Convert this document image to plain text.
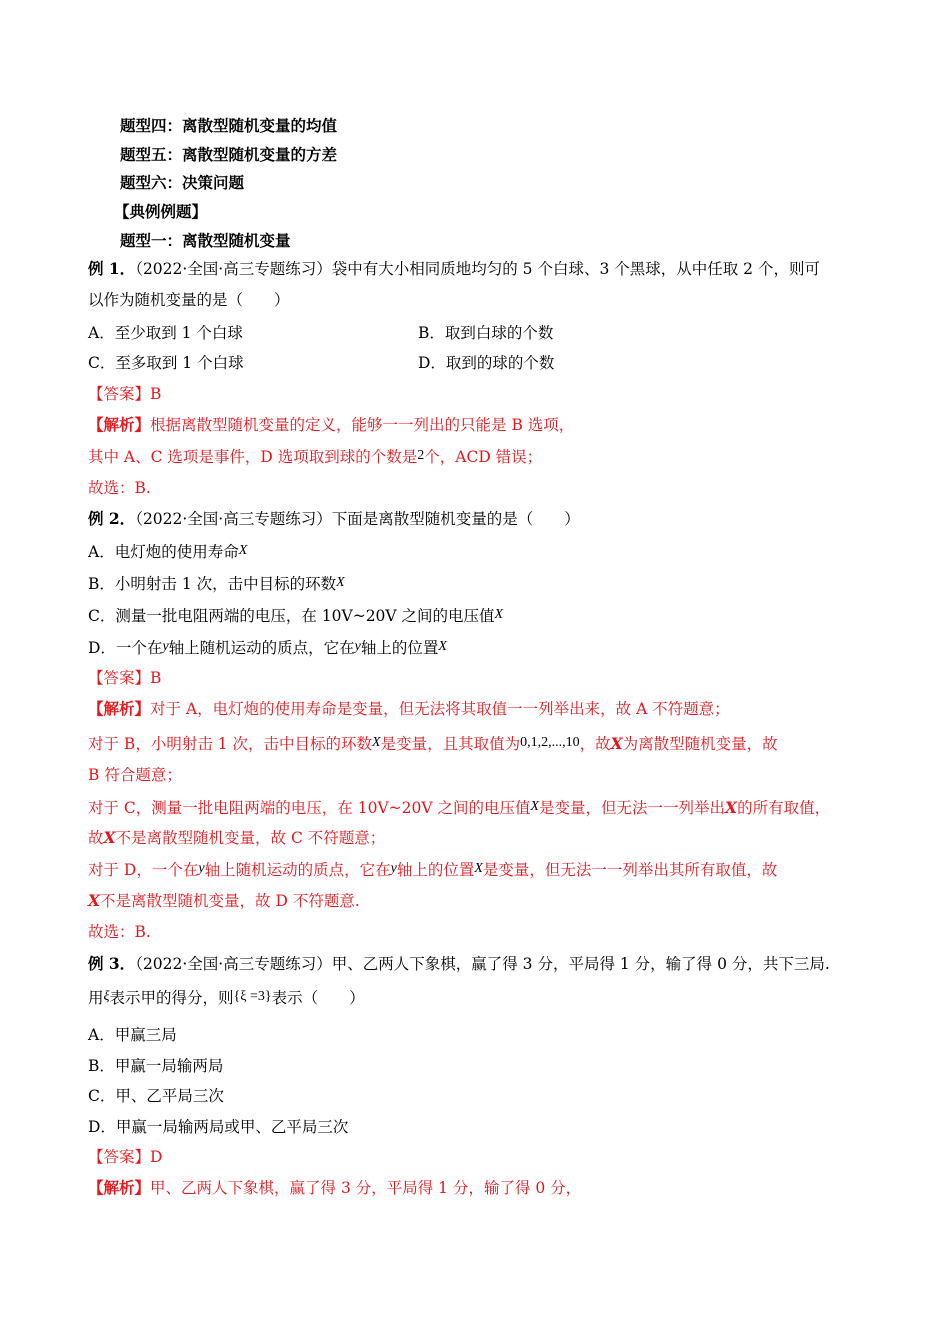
题型四：离散型随机变量的均值
题型五：离散型随机变量的方差
题型六：决策问题
【典例例题】
题型一：离散型随机变量
例 1．（2022·全国·高三专题练习）袋中有大小相同质地均匀的 5 个白球、3 个黑球，从中任取 2 个，则可
以作为随机变量的是（　　）
A．至少取到 1 个白球	B．取到白球的个数
C．至多取到 1 个白球	D．取到的球的个数
【答案】B
【解析】根据离散型随机变量的定义，能够一一列出的只能是 B 选项，
其中 A、C 选项是事件，D 选项取到球的个数是2个，ACD 错误；
故选：B.
例 2．（2022·全国·高三专题练习）下面是离散型随机变量的是（　　）
A．电灯炮的使用寿命X
B．小明射击 1 次，击中目标的环数X
C．测量一批电阻两端的电压，在 10V~20V 之间的电压值X
D．一个在y轴上随机运动的质点，它在y轴上的位置X
【答案】B
【解析】对于 A，电灯炮的使用寿命是变量，但无法将其取值一一列举出来，故 A 不符题意；
对于 B，小明射击 1 次，击中目标的环数X是变量，且其取值为0,1,2,...,10，故X为离散型随机变量，故
B 符合题意；
对于 C，测量一批电阻两端的电压，在 10V~20V 之间的电压值X是变量，但无法一一列举出X的所有取值，
故X不是离散型随机变量，故 C 不符题意；
对于 D，一个在y轴上随机运动的质点，它在y轴上的位置X是变量，但无法一一列举出其所有取值，故
X不是离散型随机变量，故 D 不符题意.
故选：B.
例 3．（2022·全国·高三专题练习）甲、乙两人下象棋，赢了得 3 分，平局得 1 分，输了得 0 分，共下三局.
用ξ表示甲的得分，则{ξ =3}表示（　　）
A．甲赢三局
B．甲赢一局输两局
C．甲、乙平局三次
D．甲赢一局输两局或甲、乙平局三次
【答案】D
【解析】甲、乙两人下象棋，赢了得 3 分，平局得 1 分，输了得 0 分，
